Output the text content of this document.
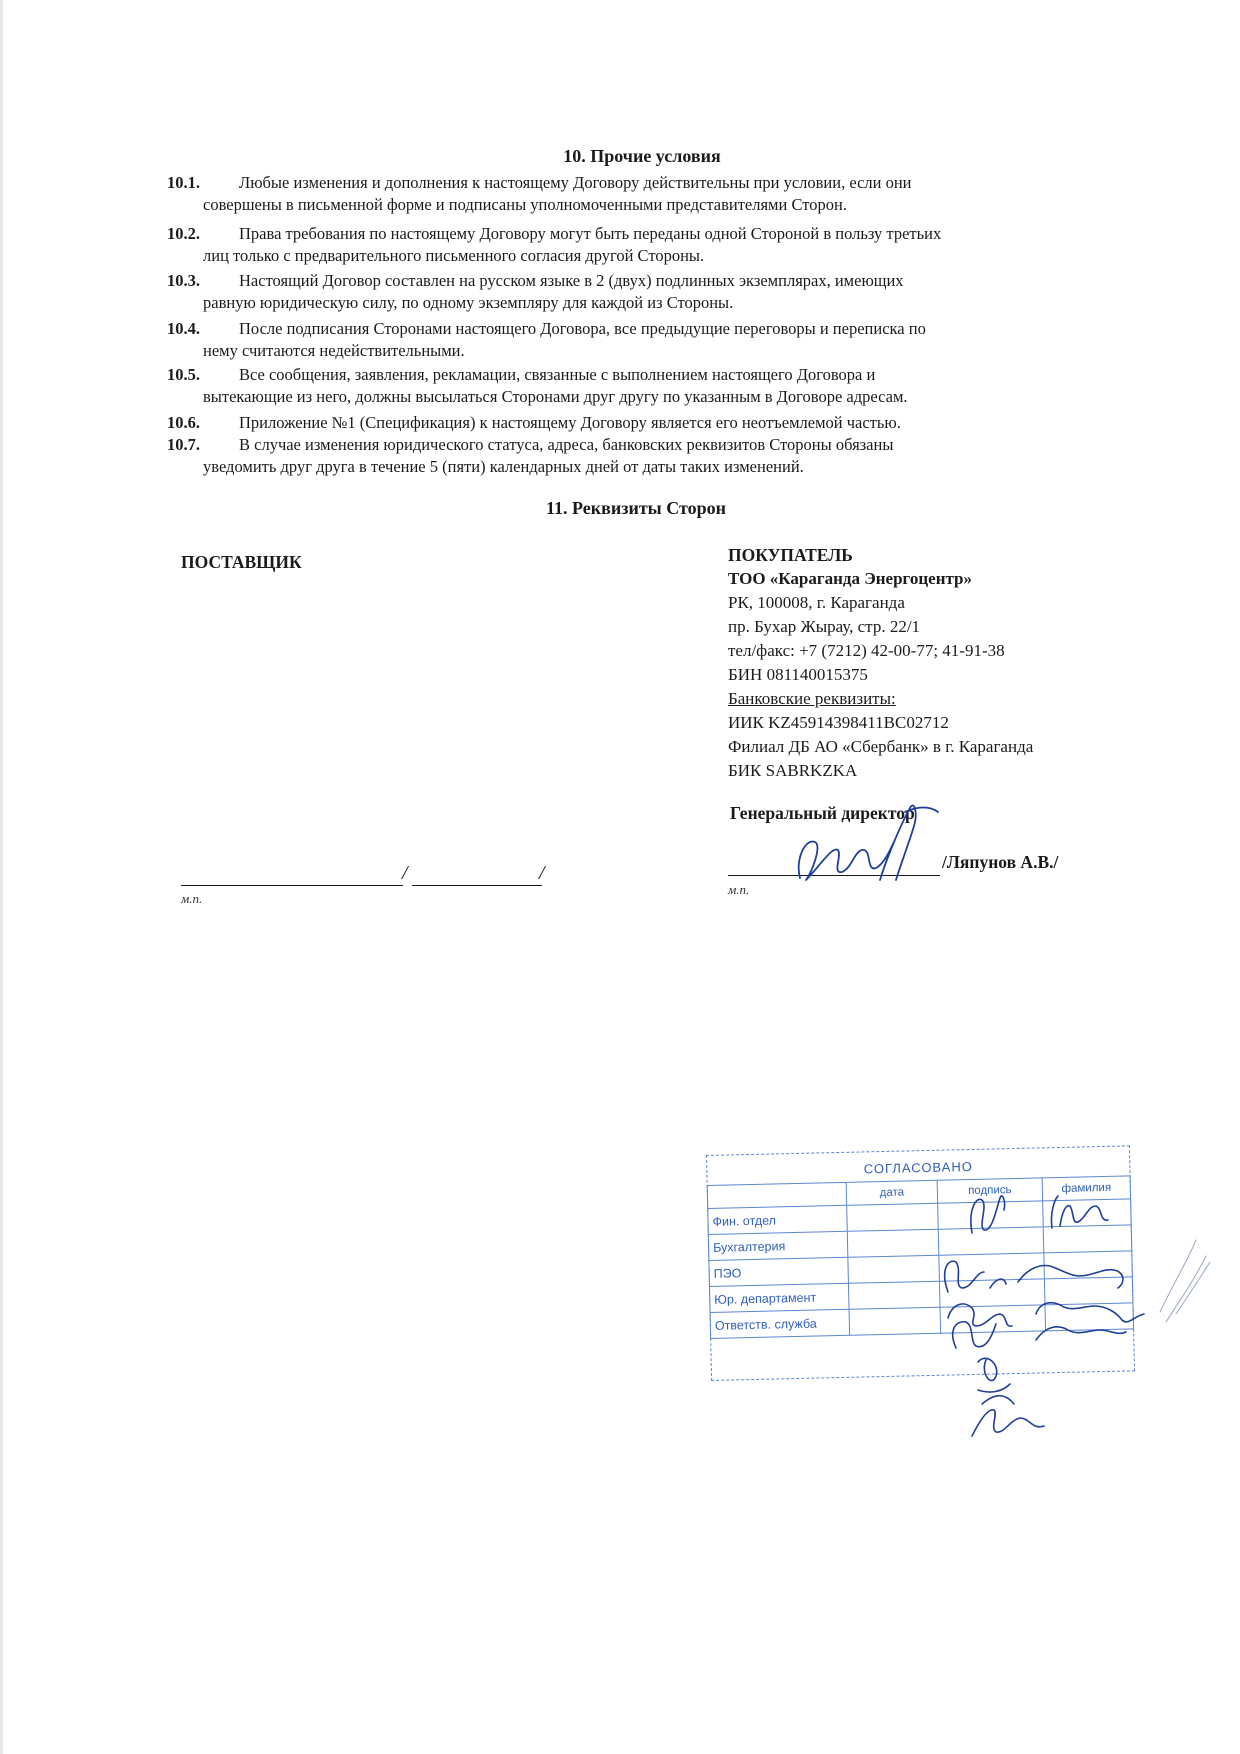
10. Прочие условия
10.1.	Любые изменения и дополнения к настоящему Договору действительны при условии, если они

совершены в письменной форме и подписаны уполномоченными представителями Сторон.

10.2.	Права требования по настоящему Договору могут быть переданы одной Стороной в пользу третьих

лиц только с предварительного письменного согласия другой Стороны.

10.3.	Настоящий Договор составлен на русском языке в 2 (двух) подлинных экземплярах, имеющих

равную юридическую силу, по одному экземпляру для каждой из Стороны.

10.4.	После подписания Сторонами настоящего Договора, все предыдущие переговоры и переписка по

нему считаются недействительными.

10.5.	Все сообщения, заявления, рекламации, связанные с выполнением настоящего Договора и

вытекающие из него, должны высылаться Сторонами друг другу по указанным в Договоре адресам.

10.6.	Приложение №1 (Спецификация) к настоящему Договору является его неотъемлемой частью.

10.7.	В случае изменения юридического статуса, адреса, банковских реквизитов Стороны обязаны

уведомить друг друга в течение 5 (пяти) календарных дней от даты таких изменений.

11. Реквизиты Сторон
ПОСТАВЩИК	ПОКУПАТЕЛЬ
ТОО «Караганда Энергоцентр»
РК, 100008, г. Караганда
пр. Бухар Жырау, стр. 22/1
тел/факс: +7 (7212) 42-00-77; 41-91-38
БИН 081140015375
Банковские реквизиты:
ИИК KZ45914398411BC02712
Филиал ДБ АО «Сбербанк» в г. Караганда
БИК SABRKZKA
Генеральный директор
/	/
м.п.
/Ляпунов А.В./
м.п.
СОГЛАСОВАНО
	дата	подпись	фамилия
Фин. отдел			
Бухгалтерия			
ПЭО			
Юр. департамент			
Ответств. служба			
